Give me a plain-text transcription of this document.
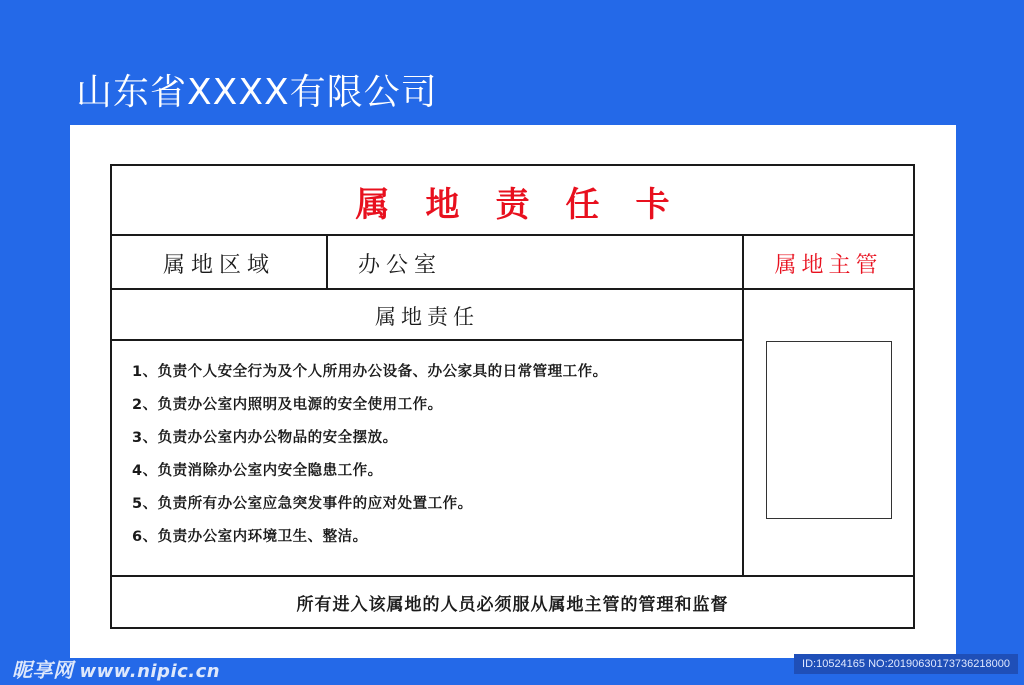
山东省XXXX有限公司
属地责任卡
属地区域	办公室	属地主管
属地责任
1、负责个人安全行为及个人所用办公设备、办公家具的日常管理工作。
2、负责办公室内照明及电源的安全使用工作。
3、负责办公室内办公物品的安全摆放。
4、负责消除办公室内安全隐患工作。
5、负责所有办公室应急突发事件的应对处置工作。
6、负责办公室内环境卫生、整洁。
所有进入该属地的人员必须服从属地主管的管理和监督
昵享网 www.nipic.cn	ID:10524165 NO:20190630173736218000
